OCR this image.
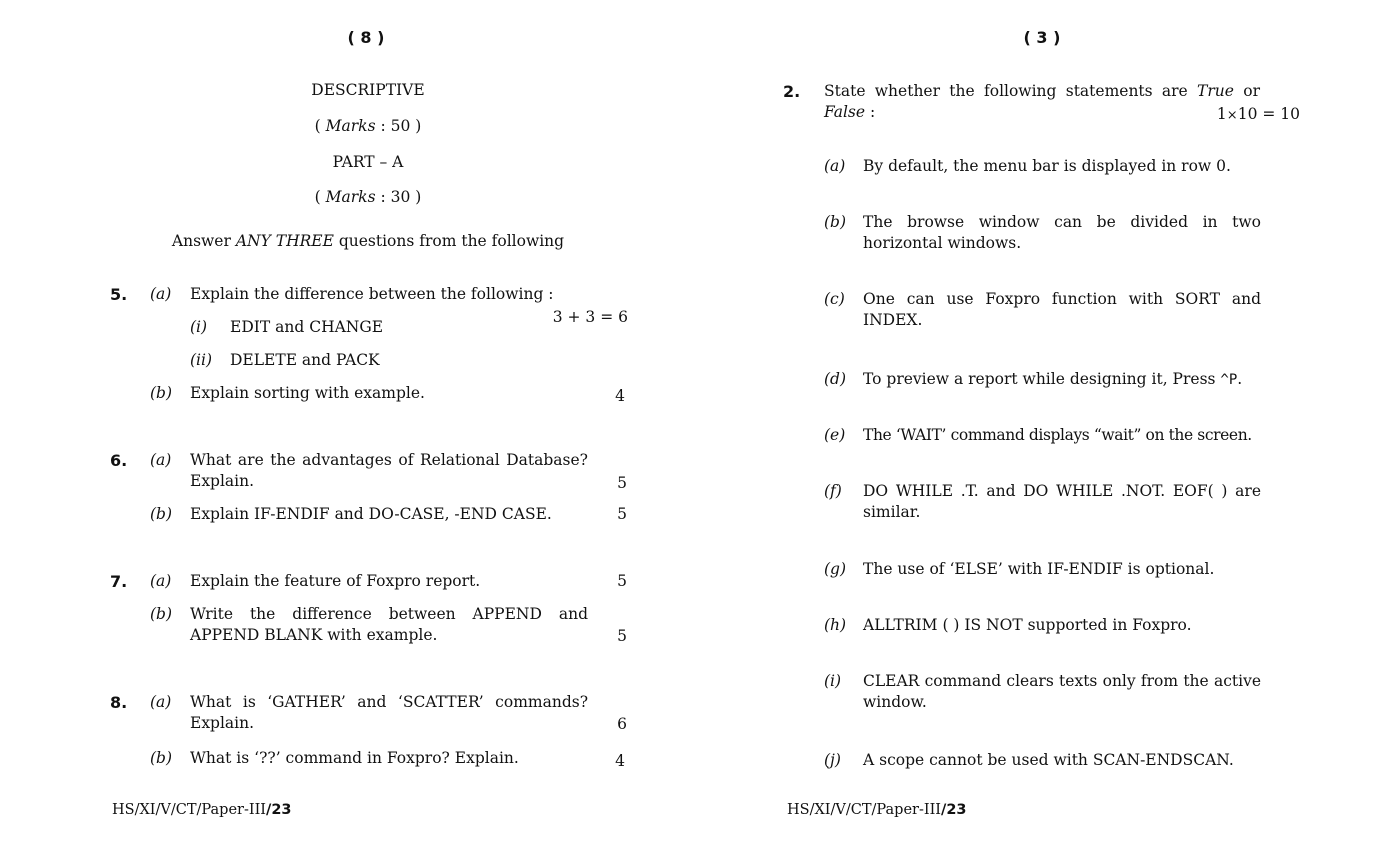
( 8 )
DESCRIPTIVE
( Marks : 50 )
PART – A
( Marks : 30 )
Answer ANY THREE questions from the following
5. (a) Explain the difference between the following :
3 + 3 = 6
(i) EDIT and CHANGE
(ii) DELETE and PACK
(b) Explain sorting with example.	4
6. (a) What are the advantages of Relational Database? Explain.	5
(b) Explain IF-ENDIF and DO-CASE, -END CASE.	5
7. (a) Explain the feature of Foxpro report.	5
(b) Write the difference between APPEND and APPEND BLANK with example.	5
8. (a) What is ‘GATHER’ and ‘SCATTER’ commands? Explain.	6
(b) What is ‘??’ command in Foxpro? Explain.	4
HS/XI/V/CT/Paper-III/23
( 3 )
2. State whether the following statements are True or False :	1×10 = 10
(a) By default, the menu bar is displayed in row 0.
(b) The browse window can be divided in two horizontal windows.
(c) One can use Foxpro function with SORT and INDEX.
(d) To preview a report while designing it, Press ^P.
(e) The ‘WAIT’ command displays “wait” on the screen.
(f) DO WHILE .T. and DO WHILE .NOT. EOF( ) are similar.
(g) The use of ‘ELSE’ with IF-ENDIF is optional.
(h) ALLTRIM ( ) IS NOT supported in Foxpro.
(i) CLEAR command clears texts only from the active window.
(j) A scope cannot be used with SCAN-ENDSCAN.
HS/XI/V/CT/Paper-III/23
